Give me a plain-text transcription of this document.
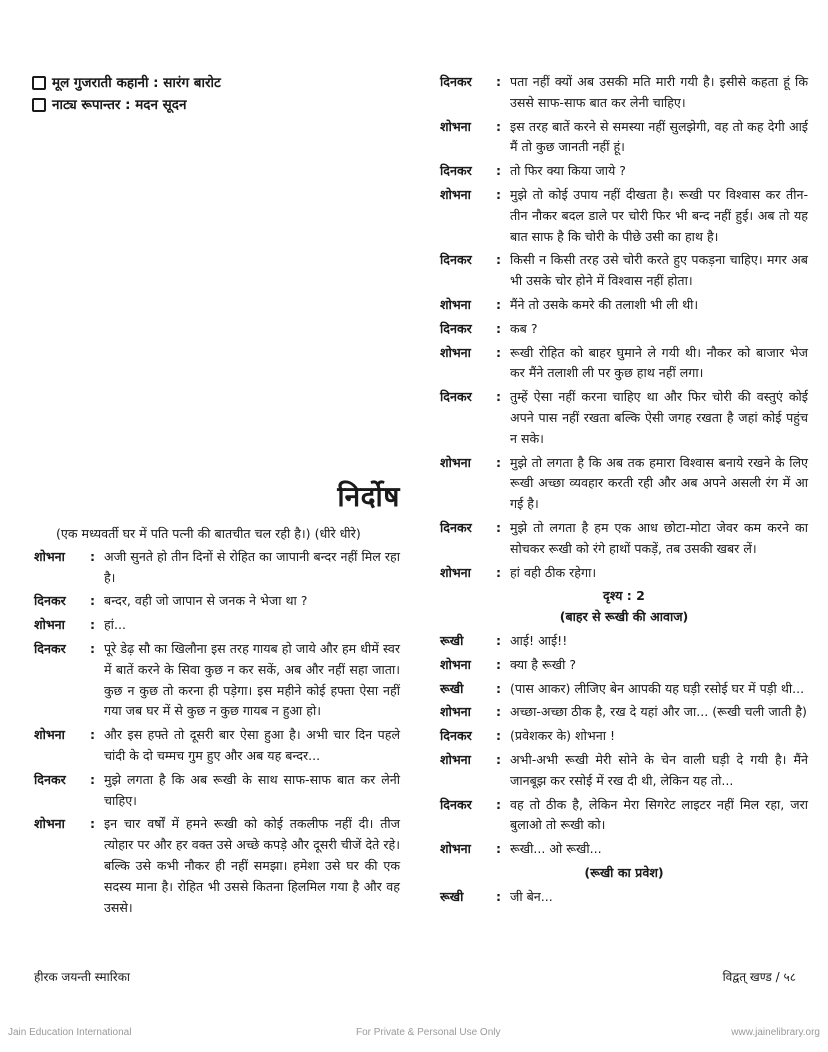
मूल गुजराती कहानी : सारंग बारोट
नाट्य रूपान्तर : मदन सूदन
निर्दोष
(एक मध्यवर्ती घर में पति पत्नी की बातचीत चल रही है।) (धीरे धीरे)
शोभना	: अजी सुनते हो तीन दिनों से रोहित का जापानी बन्दर नहीं मिल रहा है।
दिनकर	: बन्दर, वही जो जापान से जनक ने भेजा था ?
शोभना	: हां...
दिनकर	: पूरे डेढ़ सौ का खिलौना इस तरह गायब हो जाये और हम धीमें स्वर में बातें करने के सिवा कुछ न कर सकें, अब और नहीं सहा जाता। कुछ न कुछ तो करना ही पड़ेगा। इस महीने कोई हफ्ता ऐसा नहीं गया जब घर में से कुछ न कुछ गायब न हुआ हो।
शोभना	: और इस हफ्ते तो दूसरी बार ऐसा हुआ है। अभी चार दिन पहले चांदी के दो चम्मच गुम हुए और अब यह बन्दर...
दिनकर	: मुझे लगता है कि अब रूखी के साथ साफ-साफ बात कर लेनी चाहिए।
शोभना	: इन चार वर्षों में हमने रूखी को कोई तकलीफ नहीं दी। तीज त्योहार पर और हर वक्त उसे अच्छे कपड़े और दूसरी चीजें देते रहे। बल्कि उसे कभी नौकर ही नहीं समझा। हमेशा उसे घर की एक सदस्य माना है। रोहित भी उससे कितना हिलमिल गया है और वह उससे।
दिनकर	: पता नहीं क्यों अब उसकी मति मारी गयी है। इसीसे कहता हूं कि उससे साफ-साफ बात कर लेनी चाहिए।
शोभना	: इस तरह बातें करने से समस्या नहीं सुलझेगी, वह तो कह देगी आई मैं तो कुछ जानती नहीं हूं।
दिनकर	: तो फिर क्या किया जाये ?
शोभना	: मुझे तो कोई उपाय नहीं दीखता है। रूखी पर विश्वास कर तीन-तीन नौकर बदल डाले पर चोरी फिर भी बन्द नहीं हुई। अब तो यह बात साफ है कि चोरी के पीछे उसी का हाथ है।
दिनकर	: किसी न किसी तरह उसे चोरी करते हुए पकड़ना चाहिए। मगर अब भी उसके चोर होने में विश्वास नहीं होता।
शोभना	: मैंने तो उसके कमरे की तलाशी भी ली थी।
दिनकर	: कब ?
शोभना	: रूखी रोहित को बाहर घुमाने ले गयी थी। नौकर को बाजार भेज कर मैंने तलाशी ली पर कुछ हाथ नहीं लगा।
दिनकर	: तुम्हें ऐसा नहीं करना चाहिए था और फिर चोरी की वस्तुएं कोई अपने पास नहीं रखता बल्कि ऐसी जगह रखता है जहां कोई पहुंच न सके।
शोभना	: मुझे तो लगता है कि अब तक हमारा विश्वास बनाये रखने के लिए रूखी अच्छा व्यवहार करती रही और अब अपने असली रंग में आ गई है।
दिनकर	: मुझे तो लगता है हम एक आध छोटा-मोटा जेवर कम करने का सोचकर रूखी को रंगे हाथों पकड़ें, तब उसकी खबर लें।
शोभना	: हां वही ठीक रहेगा।
दृश्य : 2
(बाहर से रूखी की आवाज)
रूखी	: आई! आई!!
शोभना	: क्या है रूखी ?
रूखी	: (पास आकर) लीजिए बेन आपकी यह घड़ी रसोई घर में पड़ी थी...
शोभना	: अच्छा-अच्छा ठीक है, रख दे यहां और जा... (रूखी चली जाती है)
दिनकर	: (प्रवेशकर के) शोभना !
शोभना	: अभी-अभी रूखी मेरी सोने के चेन वाली घड़ी दे गयी है। मैंने जानबूझ कर रसोई में रख दी थी, लेकिन यह तो...
दिनकर	: वह तो ठीक है, लेकिन मेरा सिगरेट लाइटर नहीं मिल रहा, जरा बुलाओ तो रूखी को।
शोभना	: रूखी... ओ रूखी...
(रूखी का प्रवेश)
रूखी	: जी बेन...
हीरक जयन्ती स्मारिका	विद्वत् खण्ड / ५८
Jain Education International	For Private & Personal Use Only	www.jainelibrary.org
